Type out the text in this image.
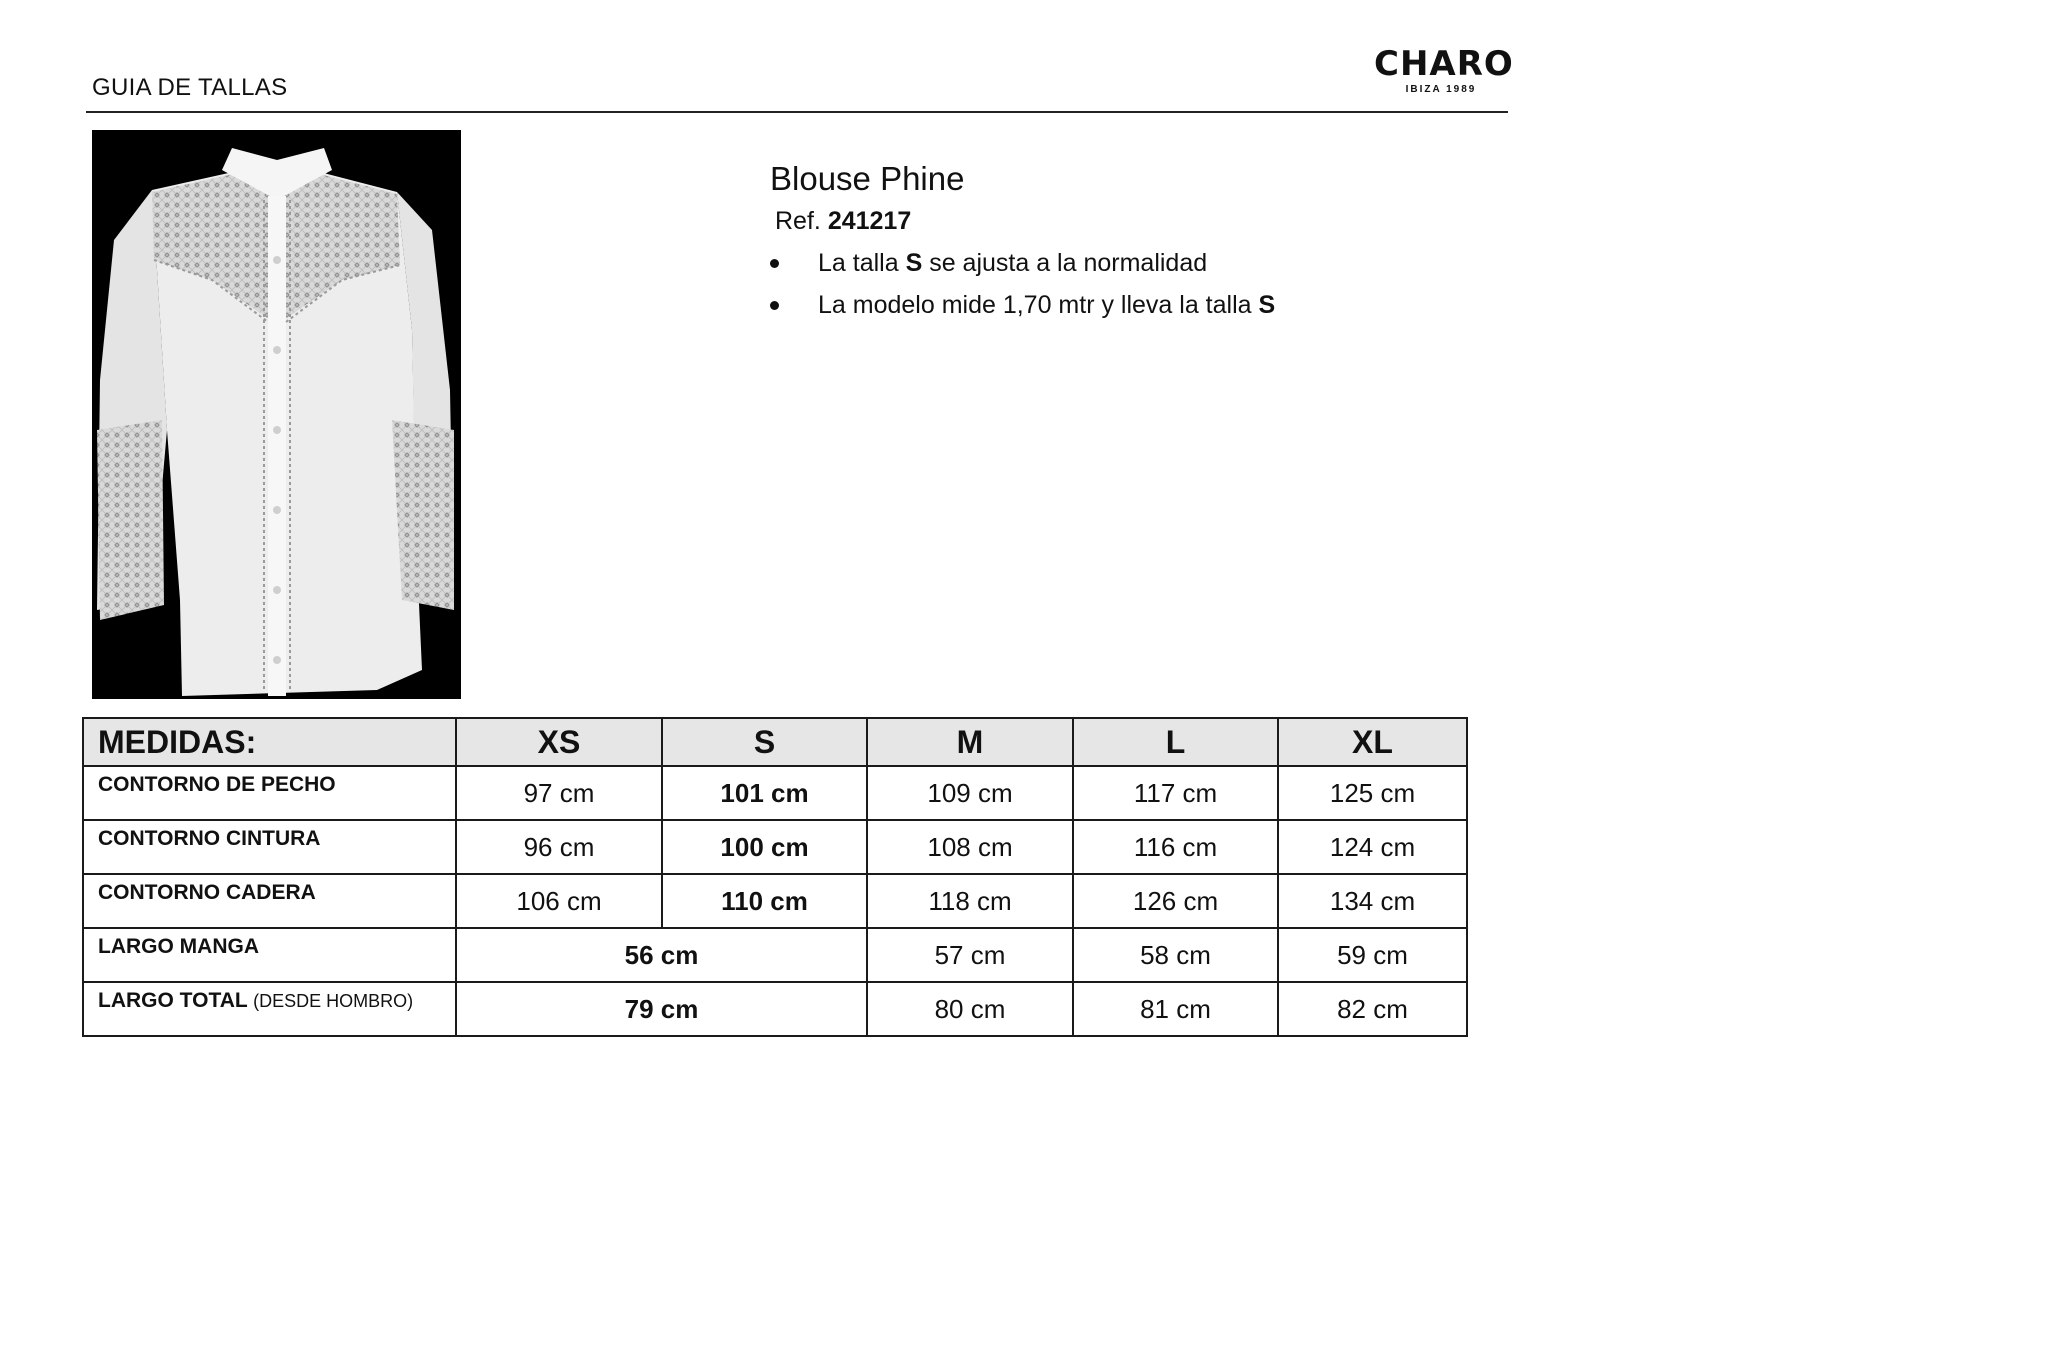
GUIA DE TALLAS
CHARO
IBIZA 1989
Blouse Phine
Ref. 241217
La talla S se ajusta a la normalidad
La modelo mide 1,70 mtr y lleva la talla S
MEDIDAS:	XS	S	M	L	XL
CONTORNO DE PECHO	97 cm	101 cm	109 cm	117 cm	125 cm
CONTORNO CINTURA	96 cm	100 cm	108 cm	116 cm	124 cm
CONTORNO CADERA	106 cm	110 cm	118 cm	126 cm	134 cm
LARGO MANGA	56 cm		57 cm	58 cm	59 cm
LARGO TOTAL (DESDE HOMBRO)	79 cm		80 cm	81 cm	82 cm
